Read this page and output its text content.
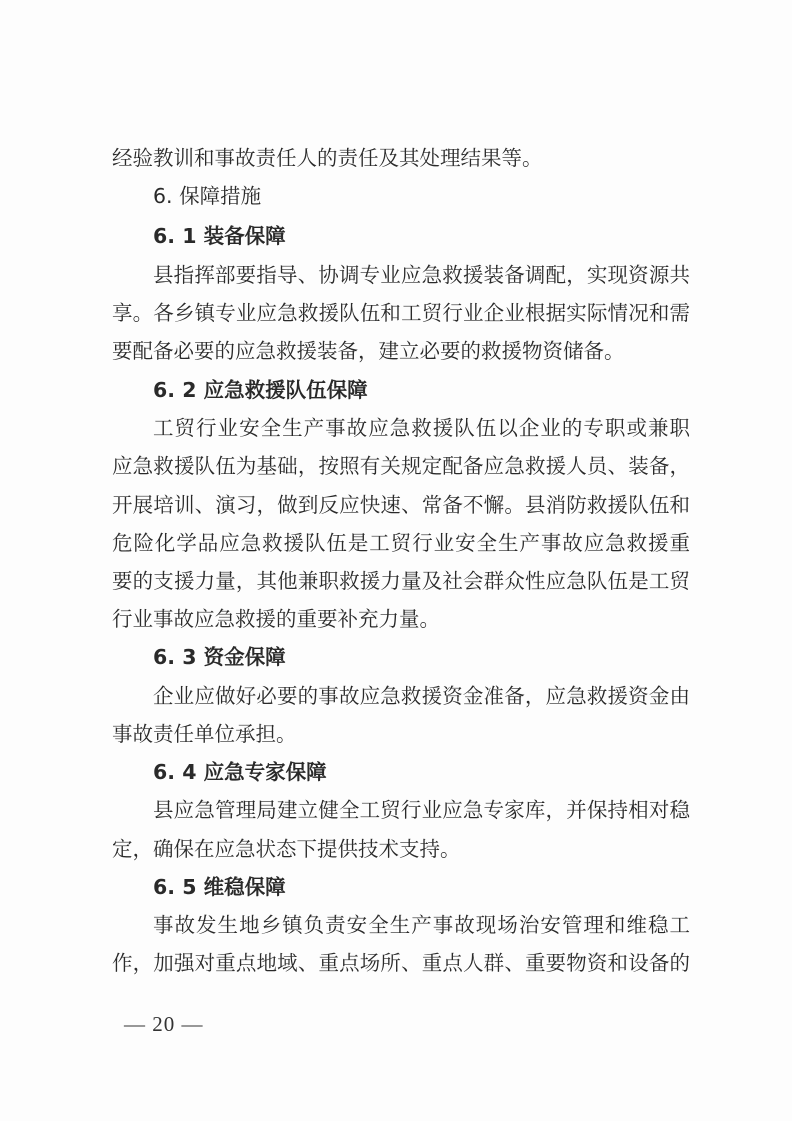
经验教训和事故责任人的责任及其处理结果等。
6. 保障措施
6. 1 装备保障
县指挥部要指导、协调专业应急救援装备调配，实现资源共
享。各乡镇专业应急救援队伍和工贸行业企业根据实际情况和需
要配备必要的应急救援装备，建立必要的救援物资储备。
6. 2 应急救援队伍保障
工贸行业安全生产事故应急救援队伍以企业的专职或兼职
应急救援队伍为基础，按照有关规定配备应急救援人员、装备，
开展培训、演习，做到反应快速、常备不懈。县消防救援队伍和
危险化学品应急救援队伍是工贸行业安全生产事故应急救援重
要的支援力量，其他兼职救援力量及社会群众性应急队伍是工贸
行业事故应急救援的重要补充力量。
6. 3 资金保障
企业应做好必要的事故应急救援资金准备，应急救援资金由
事故责任单位承担。
6. 4 应急专家保障
县应急管理局建立健全工贸行业应急专家库，并保持相对稳
定，确保在应急状态下提供技术支持。
6. 5 维稳保障
事故发生地乡镇负责安全生产事故现场治安管理和维稳工
作，加强对重点地域、重点场所、重点人群、重要物资和设备的
— 20 —
